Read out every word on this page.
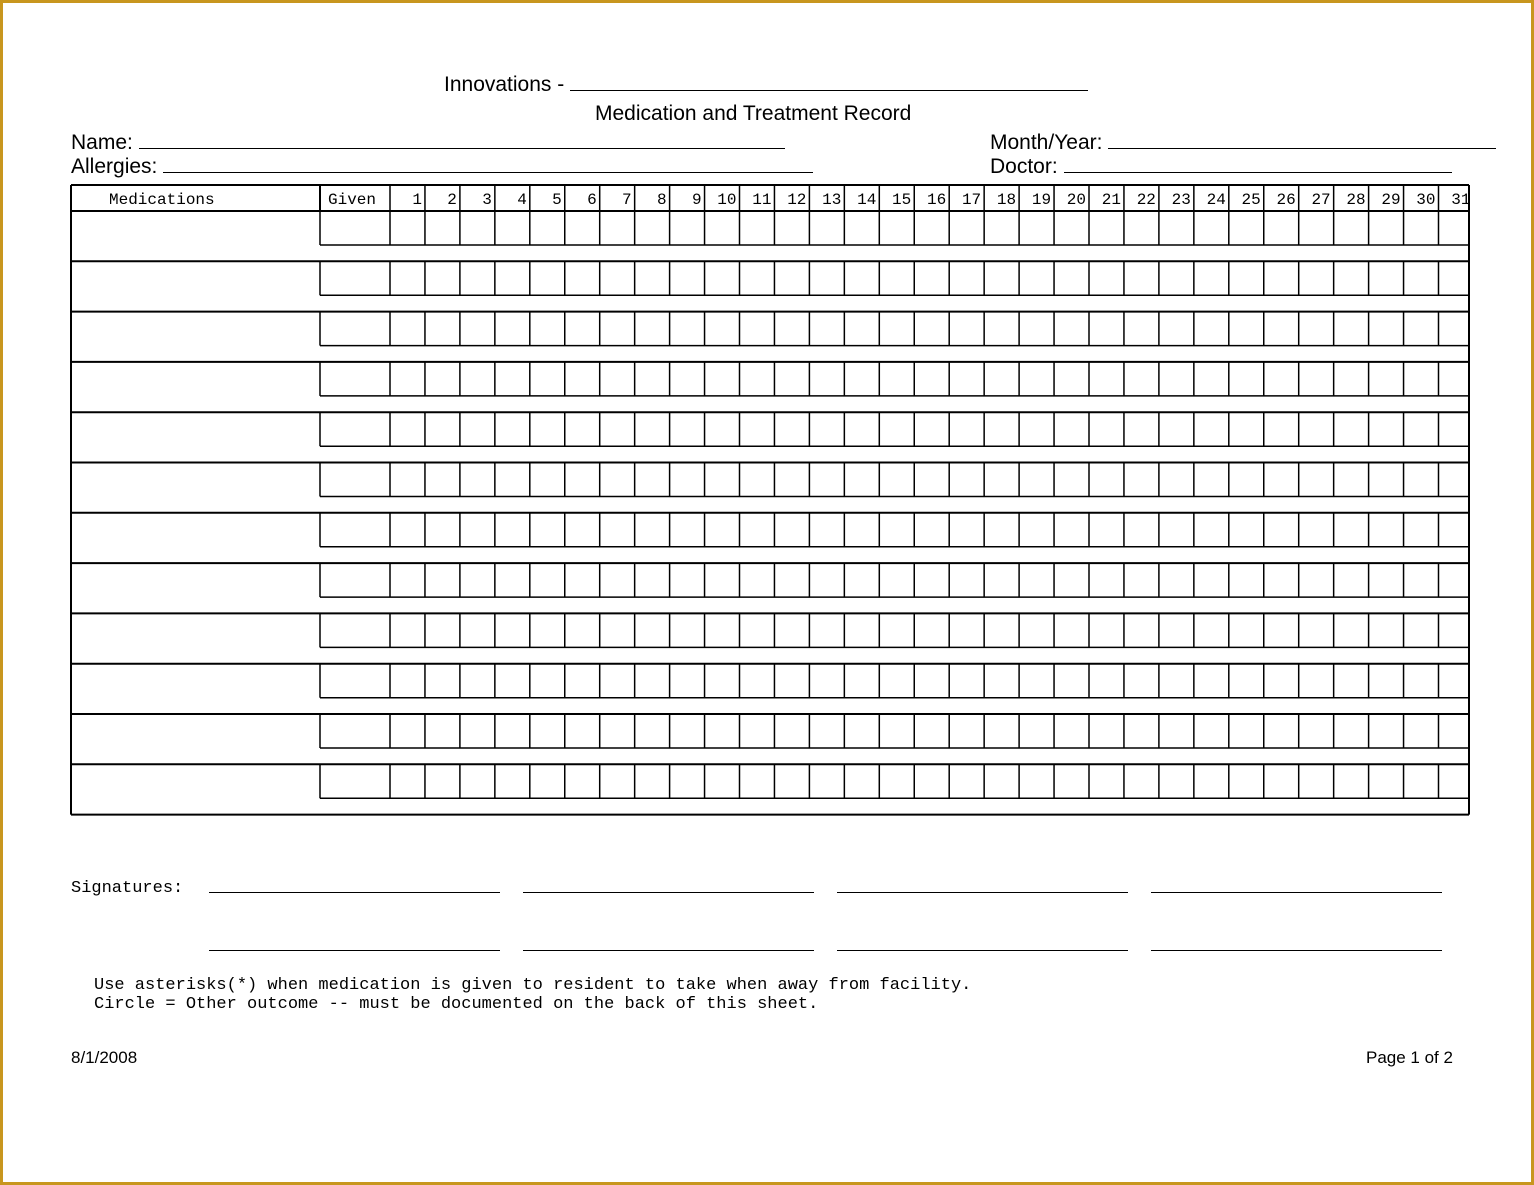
Innovations -
Medication and Treatment Record
Name:
Allergies:
Month/Year:
Doctor:
Medications	Given 1 2 3 4 5 6 7 8 9 10 11 12 13 14 15 16 17 18 19 20 21 22 23 24 25 26 27 28 29 30 31
Signatures:
Use asterisks(*) when medication is given to resident to take when away from facility.
Circle = Other outcome -- must be documented on the back of this sheet.
8/1/2008	Page 1 of 2
